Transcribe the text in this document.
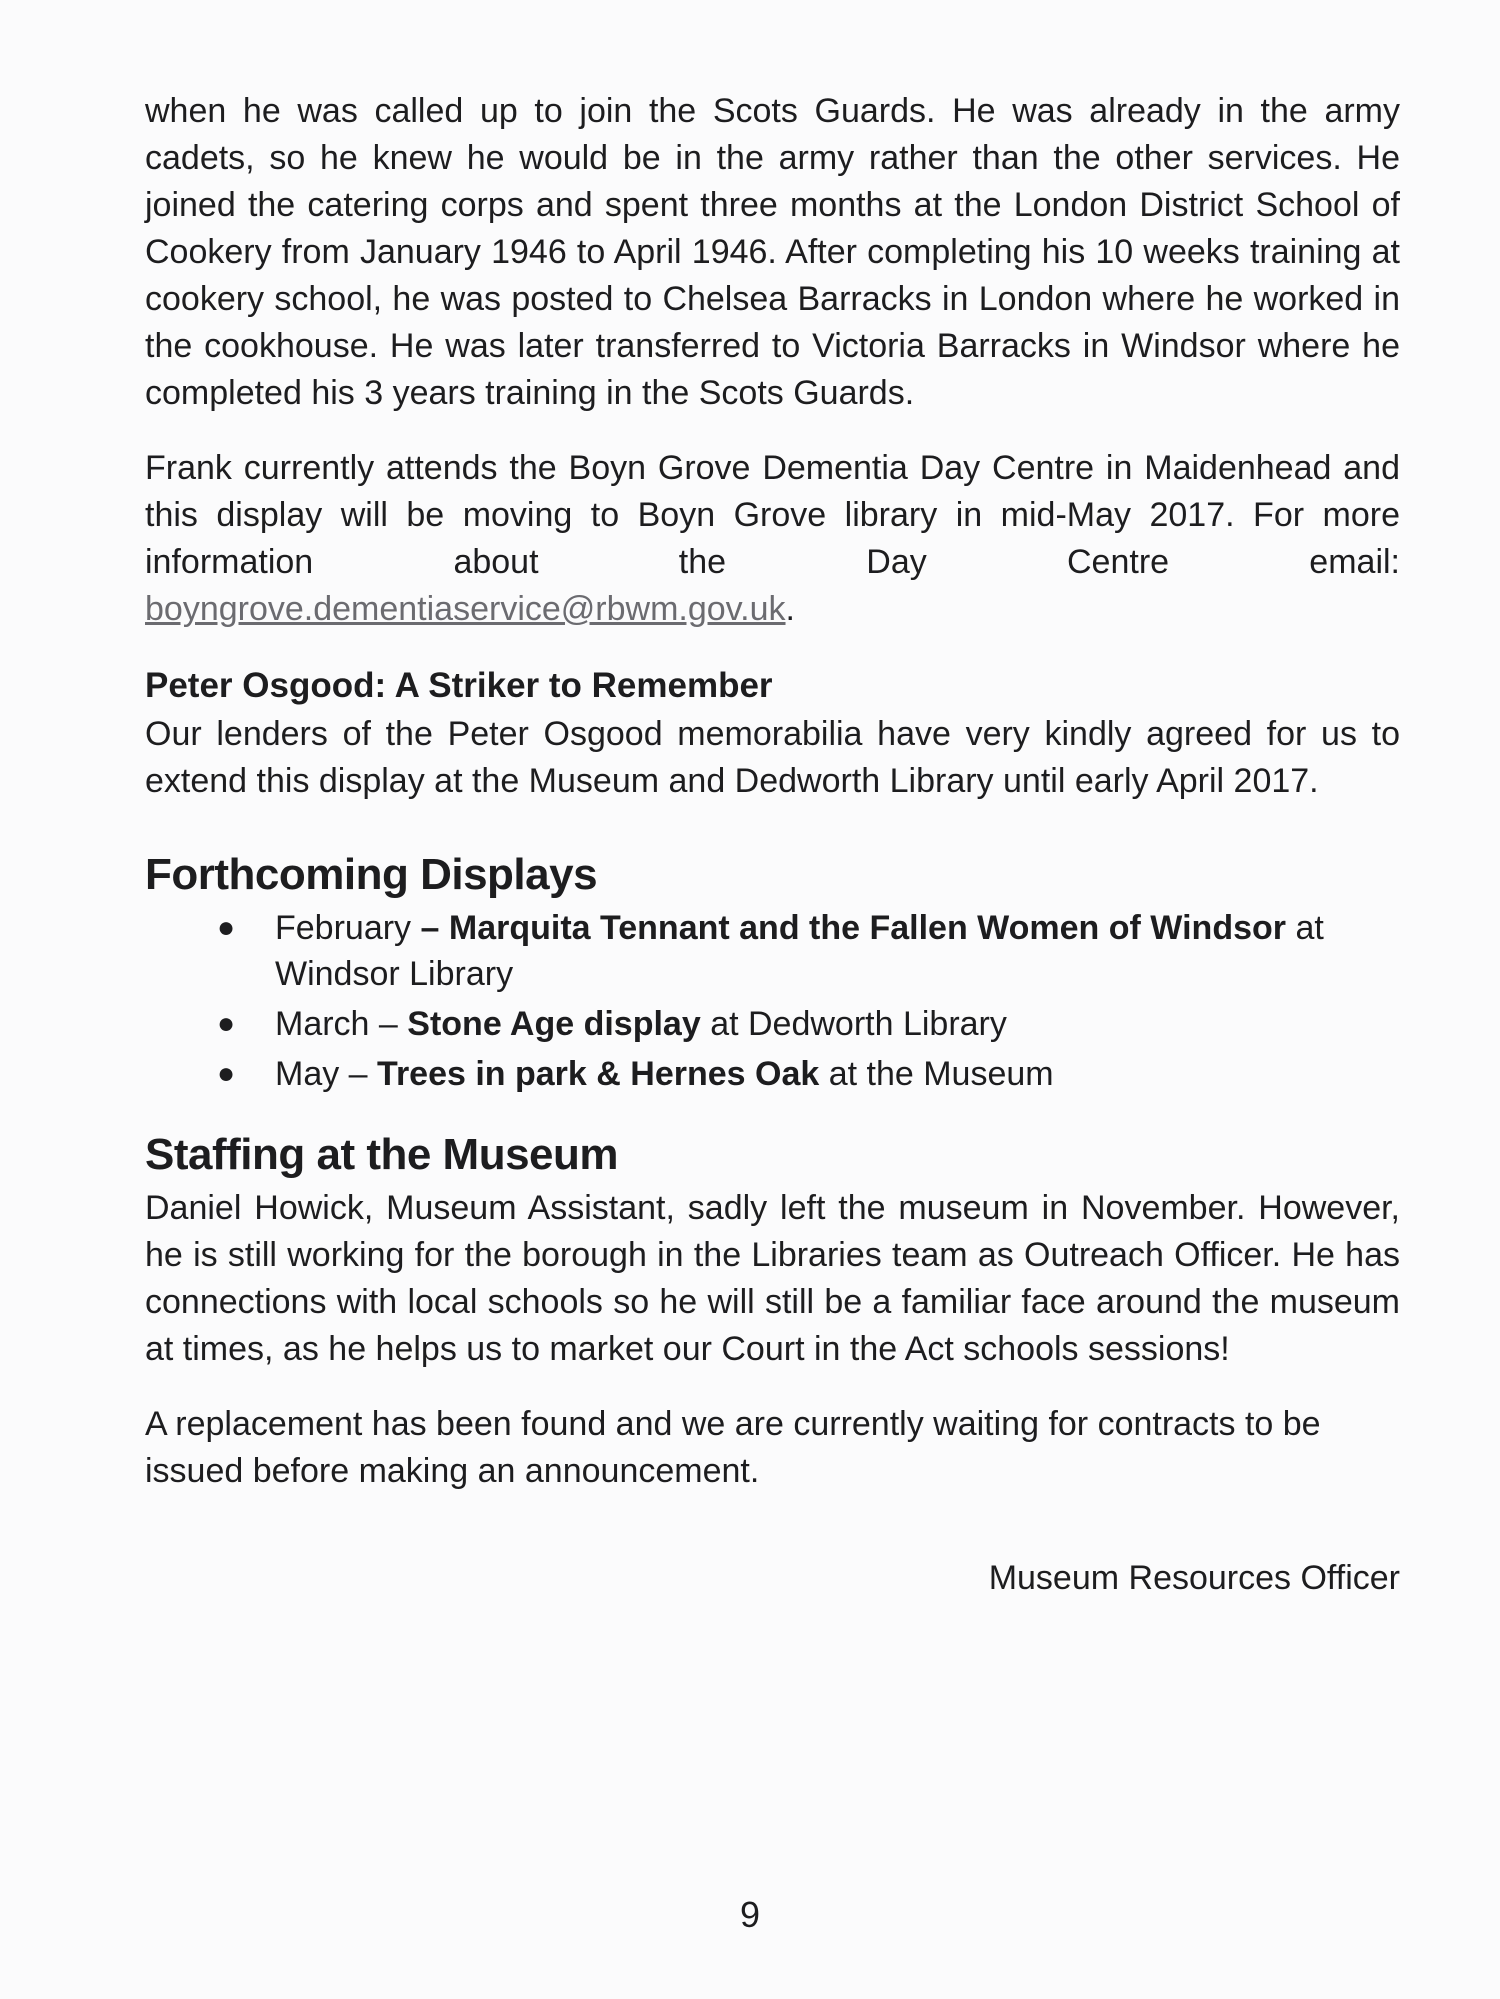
when he was called up to join the Scots Guards. He was already in the army cadets, so he knew he would be in the army rather than the other services. He joined the catering corps and spent three months at the London District School of Cookery from January 1946 to April 1946. After completing his 10 weeks training at cookery school, he was posted to Chelsea Barracks in London where he worked in the cookhouse. He was later transferred to Victoria Barracks in Windsor where he completed his 3 years training in the Scots Guards.

Frank currently attends the Boyn Grove Dementia Day Centre in Maidenhead and this display will be moving to Boyn Grove library in mid-May 2017. For more information about the Day Centre email: boyngrove.dementiaservice@rbwm.gov.uk.

Peter Osgood: A Striker to Remember

Our lenders of the Peter Osgood memorabilia have very kindly agreed for us to extend this display at the Museum and Dedworth Library until early April 2017.

Forthcoming Displays
● February – Marquita Tennant and the Fallen Women of Windsor at Windsor Library
● March – Stone Age display at Dedworth Library
● May – Trees in park & Hernes Oak at the Museum
Staffing at the Museum

Daniel Howick, Museum Assistant, sadly left the museum in November. However, he is still working for the borough in the Libraries team as Outreach Officer. He has connections with local schools so he will still be a familiar face around the museum at times, as he helps us to market our Court in the Act schools sessions!

A replacement has been found and we are currently waiting for contracts to be issued before making an announcement.

Museum Resources Officer
9
